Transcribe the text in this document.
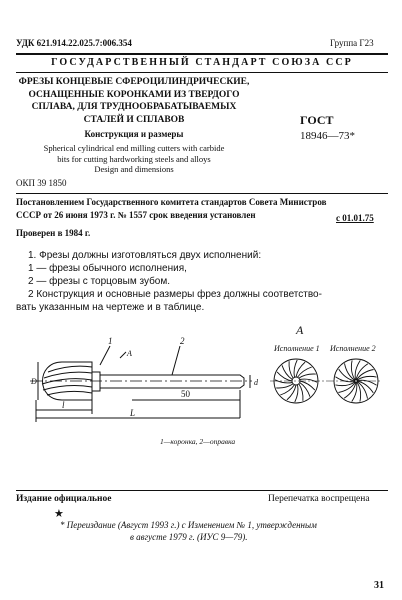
УДК 621.914.22.025.7:006.354	Группа Г23
ГОСУДАРСТВЕННЫЙ СТАНДАРТ СОЮЗА ССР
ФРЕЗЫ КОНЦЕВЫЕ СФЕРОЦИЛИНДРИЧЕСКИЕ,
ОСНАЩЕННЫЕ КОРОНКАМИ ИЗ ТВЕРДОГО
СПЛАВА, ДЛЯ ТРУДНООБРАБАТЫВАЕМЫХ
СТАЛЕЙ И СПЛАВОВ
Конструкция и размеры
Spherical cylindrical end milling cutters with carbide
bits for cutting hardworking steels and alloys
Design and dimensions
ОКП 39 1850
ГОСТ
18946—73*
Постановлением Государственного комитета стандартов Совета Министров
СССР от 26 июня 1973 г. № 1557 срок введения установлен	с 01.01.75
Проверен в 1984 г.
1. Фрезы должны изготовляться двух исполнений:
1 — фрезы обычного исполнения,
2 — фрезы с торцовым зубом.
2 Конструкция и основные размеры фрез должны соответство-
вать указанным на чертеже и в таблице.
A
Исполнение 1 Исполнение 2
1	2
A
50
l
L
d
D
1—коронка, 2—оправка
Издание официальное	Перепечатка воспрещена
★
* Переиздание (Август 1993 г.) с Изменением № 1, утвержденным
в августе 1979 г. (ИУС 9—79).
31
